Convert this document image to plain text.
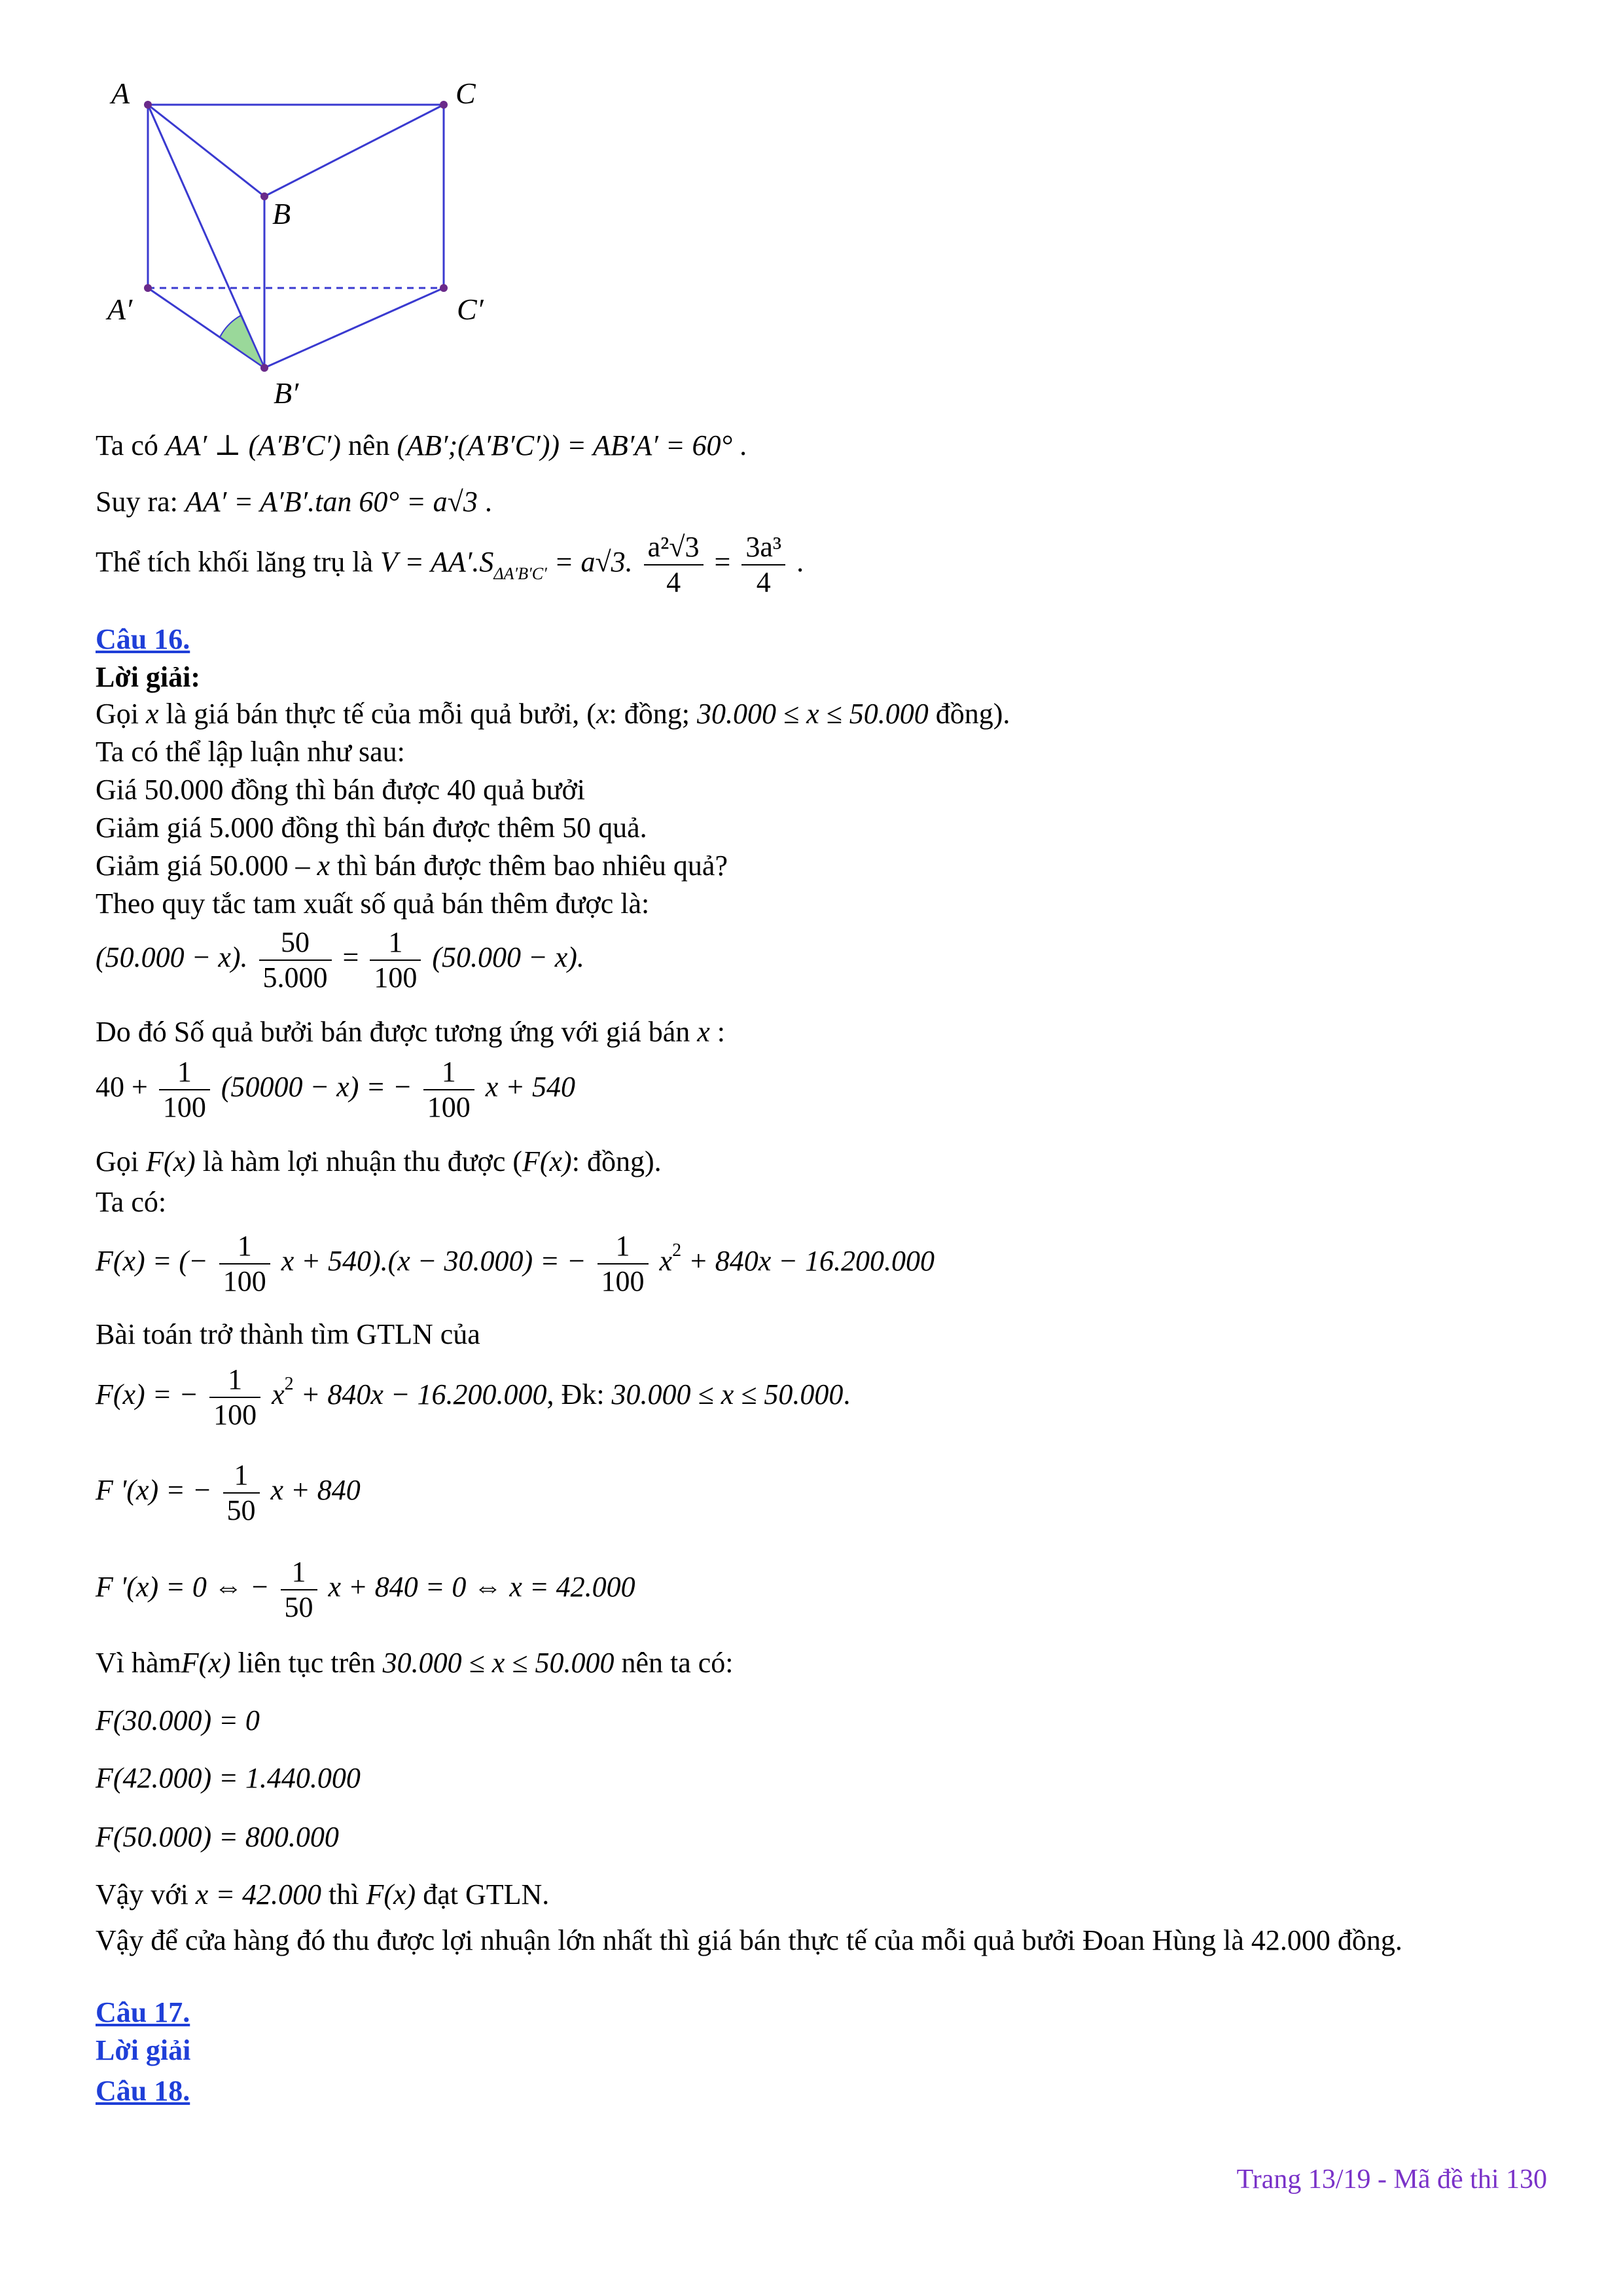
A	C
B
A′	C′
B′
Ta có AA′ ⊥ (A′B′C′) nên (AB′;(A′B′C′)) = AB′A′ = 60° .
Suy ra: AA′ = A′B′.tan 60° = a√3 .
Thể tích khối lăng trụ là $V = AA'.S_{\Delta A'B'C'} = a√3$. $\frac{\text{a²√3}}{4} = \frac{\text{3a³}}{4}$ .
Câu 16.
Lời giải:
Gọi x là giá bán thực tế của mỗi quả bưởi, (x: đồng; 30.000 ≤ x ≤ 50.000 đồng).
Ta có thể lập luận như sau:
Giá 50.000 đồng thì bán được 40 quả bưởi
Giảm giá 5.000 đồng thì bán được thêm 50 quả.
Giảm giá 50.000 – x thì bán được thêm bao nhiêu quả?
Theo quy tắc tam xuất số quả bán thêm được là:
(50.000 − x). $\frac{50}{5.000} = \frac{1}{100} (50.000 - x)$.
Do đó Số quả bưởi bán được tương ứng với giá bán x :
$40 + \frac{1}{100} (50000 - x)$ = − $\frac{1}{100}$ x + 540
Gọi F(x) là hàm lợi nhuận thu được (F(x): đồng).
Ta có:
F(x) = (− $\frac{1}{100}$ x + 540).(x − 30.000) = − $\frac{1}{100} x^2 + 840x - 16.200.000$
Bài toán trở thành tìm GTLN của
F(x) = − $\frac{1}{100} x^2 + 840x - 16.200.000$, Đk: 30.000 ≤ x ≤ 50.000.
F '(x) = − $\frac{1}{50}$ x + 840
F '(x) = 0 ⇔ − $\frac{1}{50}$ x + 840 = 0 ⇔ x = 42.000
Vì hàmF(x) liên tục trên 30.000 ≤ x ≤ 50.000 nên ta có:
F(30.000) = 0
F(42.000) = 1.440.000
F(50.000) = 800.000
Vậy với x = 42.000 thì F(x) đạt GTLN.
Vậy để cửa hàng đó thu được lợi nhuận lớn nhất thì giá bán thực tế của mỗi quả bưởi Đoan Hùng là 42.000 đồng.
Câu 17.
Lời giải
Câu 18.
Trang 13/19 - Mã đề thi 130
